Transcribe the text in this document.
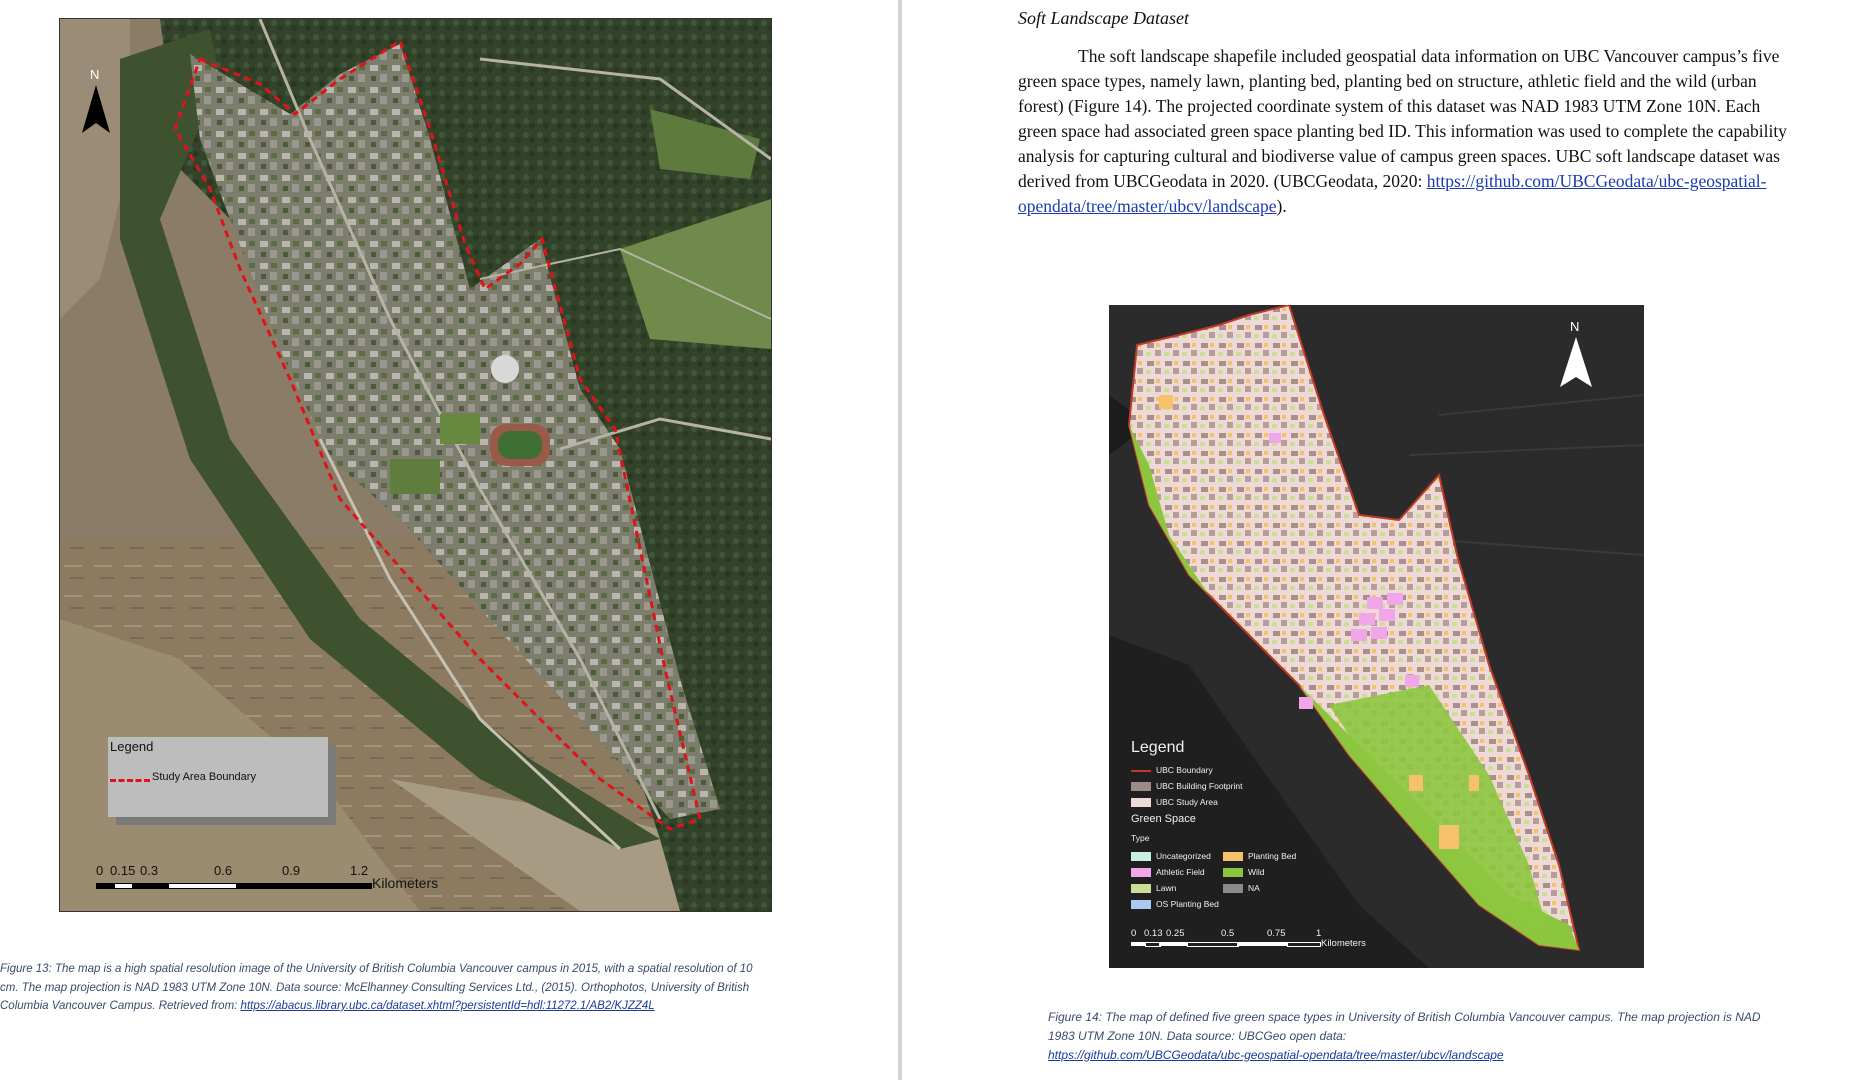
N
Legend
Study Area Boundary
0 0.15 0.3	0.6	0.9	1.2
Kilometers
Figure 13: The map is a high spatial resolution image of the University of British Columbia Vancouver campus in 2015, with a spatial resolution of 10 cm. The map projection is NAD 1983 UTM Zone 10N. Data source: McElhanney Consulting Services Ltd., (2015). Orthophotos, University of British Columbia Vancouver Campus. Retrieved from: https://abacus.library.ubc.ca/dataset.xhtml?persistentId=hdl:11272.1/AB2/KJZZ4L
Soft Landscape Dataset

The soft landscape shapefile included geospatial data information on UBC Vancouver campus’s five green space types, namely lawn, planting bed, planting bed on structure, athletic field and the wild (urban forest) (Figure 14). The projected coordinate system of this dataset was NAD 1983 UTM Zone 10N. Each green space had associated green space planting bed ID. This information was used to complete the capability analysis for capturing cultural and biodiverse value of campus green spaces. UBC soft landscape dataset was derived from UBCGeodata in 2020. (UBCGeodata, 2020: https://github.com/UBCGeodata/ubc-geospatial-opendata/tree/master/ubcv/landscape).

N
Legend
UBC Boundary
UBC Building Footprint
UBC Study Area
Green Space
Type
Uncategorized	Planting Bed
Athletic Field	Wild
Lawn	NA
OS Planting Bed
0 0.13 0.25	0.5	0.75	1
Kilometers
Figure 14: The map of defined five green space types in University of British Columbia Vancouver campus. The map projection is NAD 1983 UTM Zone 10N. Data source: UBCGeo open data:
https://github.com/UBCGeodata/ubc-geospatial-opendata/tree/master/ubcv/landscape
